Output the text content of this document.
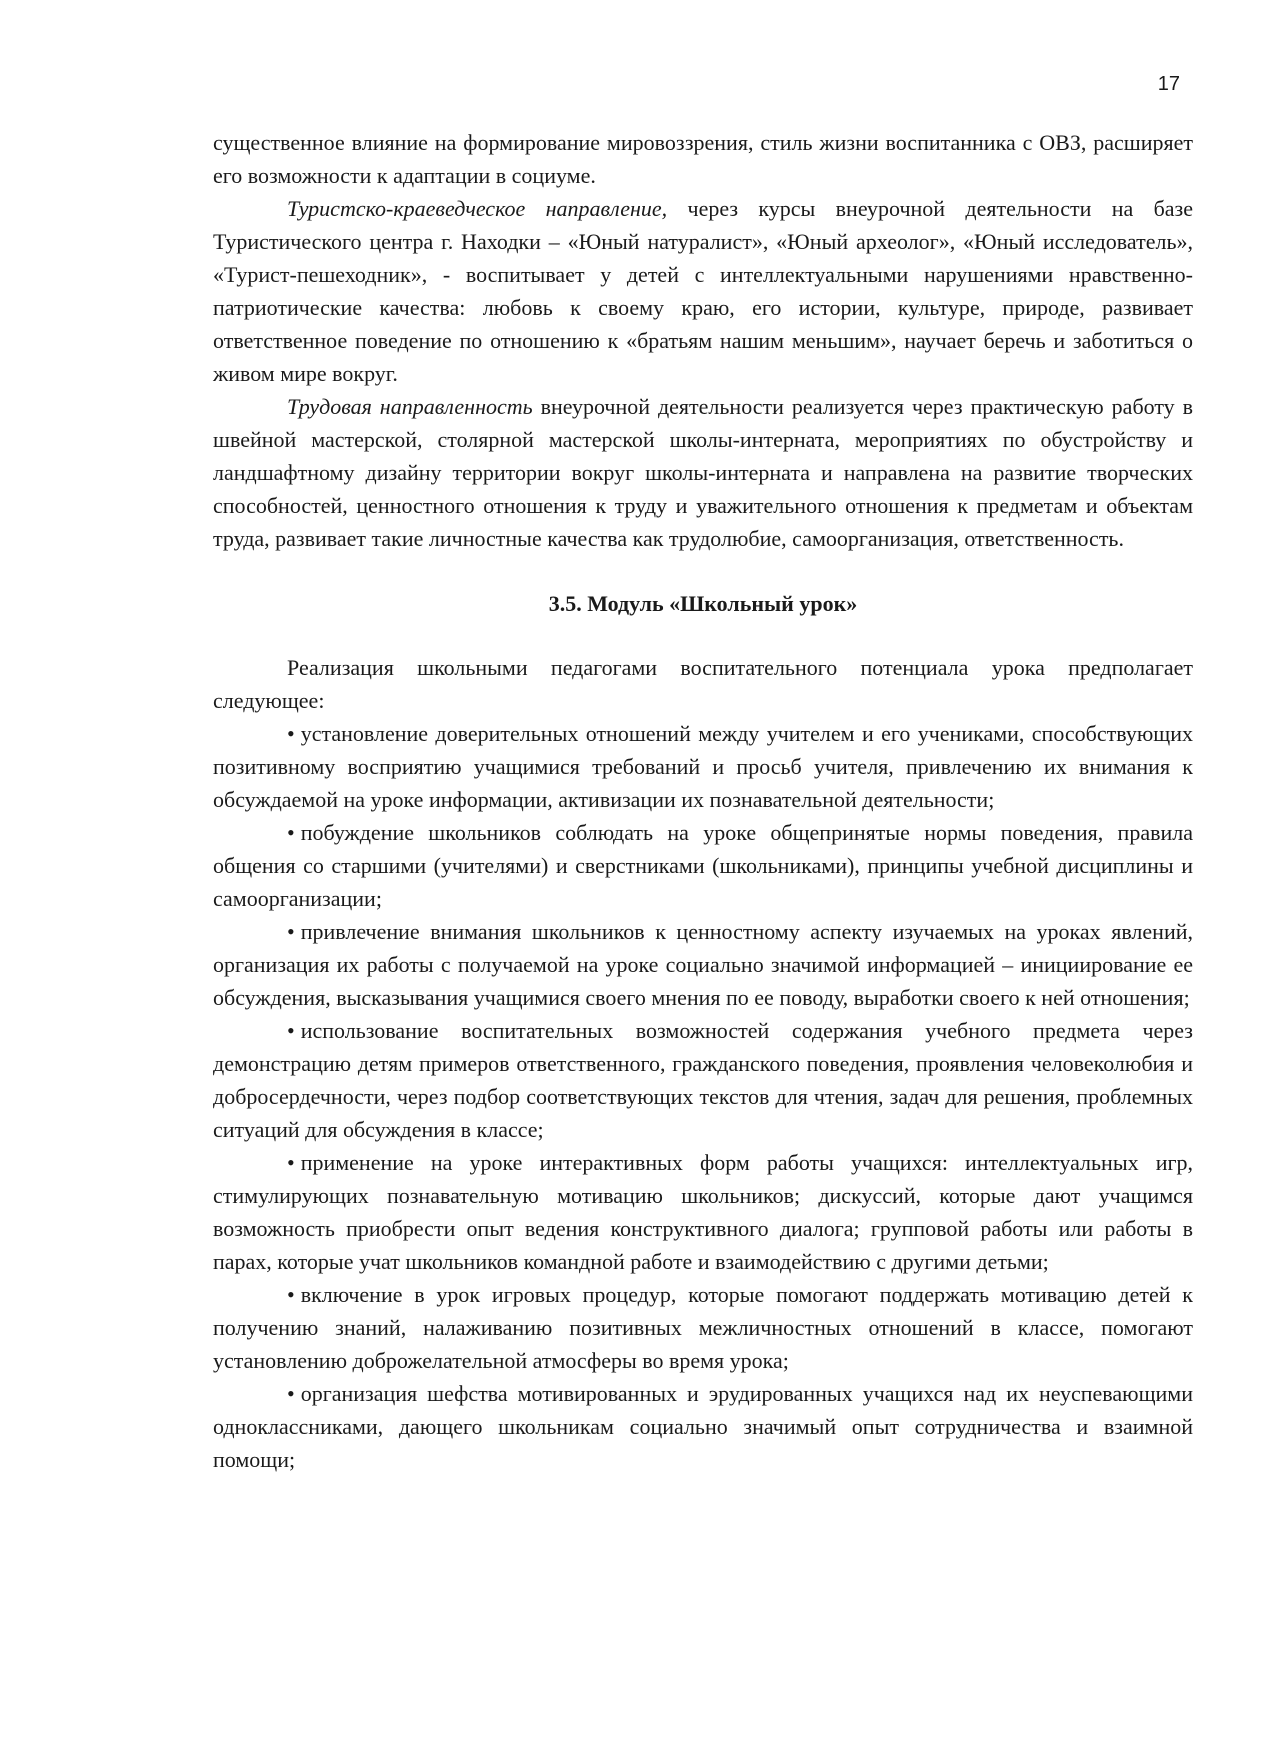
17

существенное влияние на формирование мировоззрения, стиль жизни воспитанника с ОВЗ, расширяет его возможности к адаптации в социуме.

Туристско-краеведческое направление, через курсы внеурочной деятельности на базе Туристического центра г. Находки – «Юный натуралист», «Юный археолог», «Юный исследователь», «Турист-пешеходник», - воспитывает у детей с интеллектуальными нарушениями нравственно-патриотические качества: любовь к своему краю, его истории, культуре, природе, развивает ответственное поведение по отношению к «братьям нашим меньшим», научает беречь и заботиться о живом мире вокруг.

Трудовая направленность внеурочной деятельности реализуется через практическую работу в швейной мастерской, столярной мастерской школы-интерната, мероприятиях по обустройству и ландшафтному дизайну территории вокруг школы-интерната и направлена на развитие творческих способностей, ценностного отношения к труду и уважительного отношения к предметам и объектам труда, развивает такие личностные качества как трудолюбие, самоорганизация, ответственность.

3.5. Модуль «Школьный урок»

Реализация школьными педагогами воспитательного потенциала урока предполагает следующее:

• установление доверительных отношений между учителем и его учениками, способствующих позитивному восприятию учащимися требований и просьб учителя, привлечению их внимания к обсуждаемой на уроке информации, активизации их познавательной деятельности;

• побуждение школьников соблюдать на уроке общепринятые нормы поведения, правила общения со старшими (учителями) и сверстниками (школьниками), принципы учебной дисциплины и самоорганизации;

• привлечение внимания школьников к ценностному аспекту изучаемых на уроках явлений, организация их работы с получаемой на уроке социально значимой информацией – инициирование ее обсуждения, высказывания учащимися своего мнения по ее поводу, выработки своего к ней отношения;

• использование воспитательных возможностей содержания учебного предмета через демонстрацию детям примеров ответственного, гражданского поведения, проявления человеколюбия и добросердечности, через подбор соответствующих текстов для чтения, задач для решения, проблемных ситуаций для обсуждения в классе;

• применение на уроке интерактивных форм работы учащихся: интеллектуальных игр, стимулирующих познавательную мотивацию школьников; дискуссий, которые дают учащимся возможность приобрести опыт ведения конструктивного диалога; групповой работы или работы в парах, которые учат школьников командной работе и взаимодействию с другими детьми;

• включение в урок игровых процедур, которые помогают поддержать мотивацию детей к получению знаний, налаживанию позитивных межличностных отношений в классе, помогают установлению доброжелательной атмосферы во время урока;

• организация шефства мотивированных и эрудированных учащихся над их неуспевающими одноклассниками, дающего школьникам социально значимый опыт сотрудничества и взаимной помощи;
